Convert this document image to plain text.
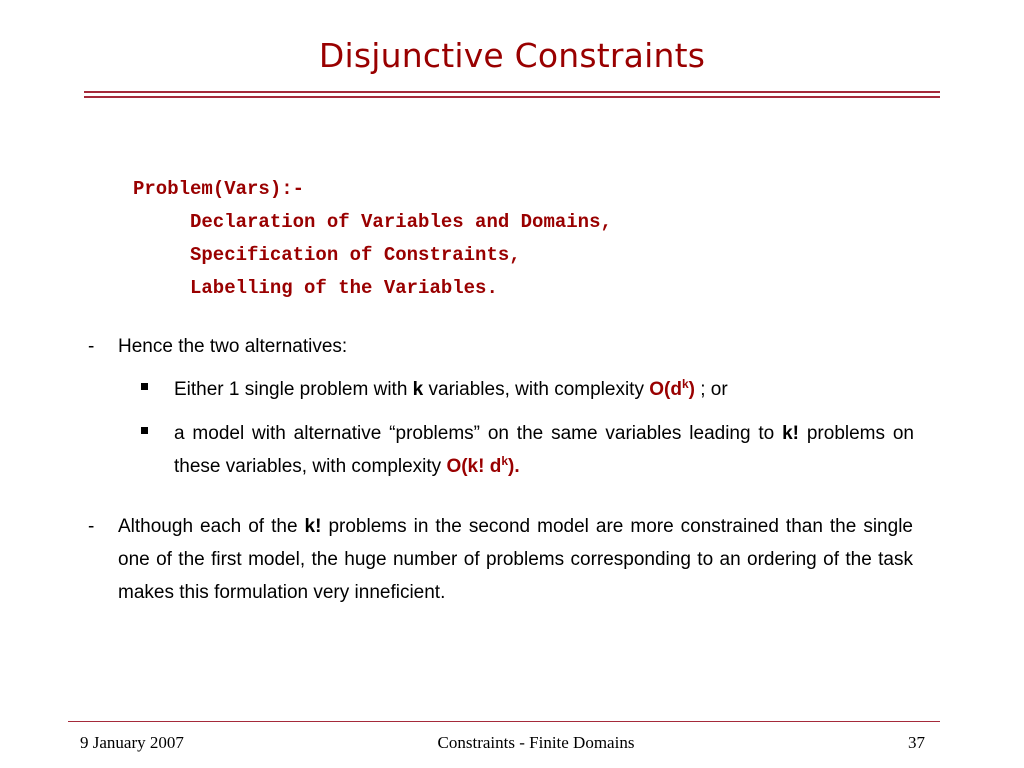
Disjunctive Constraints
Problem(Vars):-
Declaration of Variables and Domains,
Specification of Constraints,
Labelling of the Variables.
- Hence the two alternatives:
Either 1 single problem with k variables, with complexity $O(d^k)$ ; or
a model with alternative “problems” on the same variables leading to k! problems on these variables, with complexity O(k! $d^k$).
- Although each of the k! problems in the second model are more constrained than the single one of the first model, the huge number of problems corresponding to an ordering of the task makes this formulation very inneficient.
9 January 2007	Constraints - Finite Domains	37
